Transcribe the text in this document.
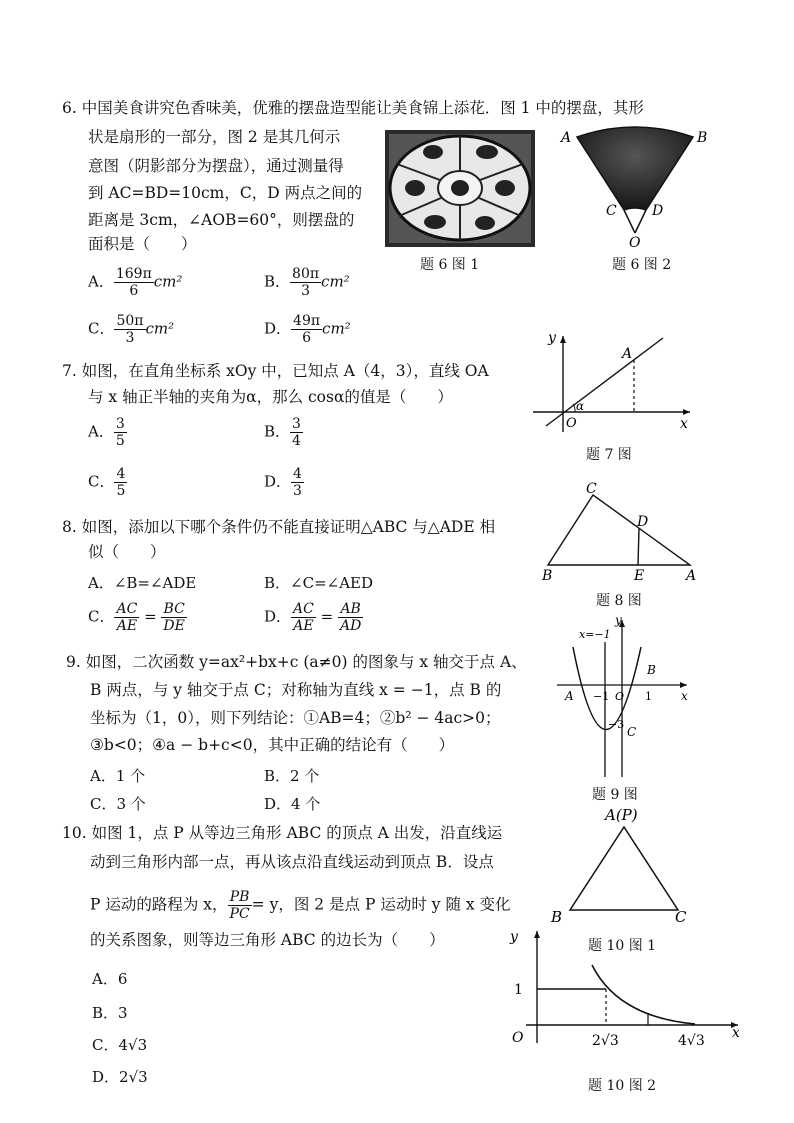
6. 中国美食讲究色香味美，优雅的摆盘造型能让美食锦上添花．图 1 中的摆盘，其形
状是扇形的一部分，图 2 是其几何示
意图（阴影部分为摆盘），通过测量得
到 AC=BD=10cm，C，D 两点之间的
距离是 3cm，∠AOB=60°，则摆盘的
面积是（　　）
题 6 图 1
A	B
C	D
O
题 6 图 2
A． $\frac{169\pi}{6} cm^2$	B． $\frac{80\pi}{3} cm^2$
C． $\frac{50\pi}{3} cm^2$	D． $\frac{49\pi}{6} cm^2$
7. 如图，在直角坐标系 xOy 中，已知点 A（4，3），直线 OA
与 x 轴正半轴的夹角为α，那么 cosα的值是（　　）
y
x
O
A
α
题 7 图
A． $\frac{3}{5}$	B． $\frac{3}{4}$
C． $\frac{4}{5}$	D． $\frac{4}{3}$
8. 如图，添加以下哪个条件仍不能直接证明△ABC 与△ADE 相
似（　　）
C
D
B	E	A
题 8 图
A．∠B=∠ADE	B．∠C=∠AED
C． $\frac{AC}{AE} = \frac{BC}{DE}$	D． $\frac{AC}{AE} = \frac{AB}{AD}$
9. 如图，二次函数 y=ax²+bx+c (a≠0) 的图象与 x 轴交于点 A、
B 两点，与 y 轴交于点 C；对称轴为直线 x = −1，点 B 的
坐标为（1，0），则下列结论：①AB=4；②b² − 4ac>0；
③b<0；④a − b+c<0，其中正确的结论有（　　）
x=−1
y
x
A −1 O
B
1
−3
C
题 9 图
A．1 个	B．2 个
C．3 个	D．4 个
10. 如图 1，点 P 从等边三角形 ABC 的顶点 A 出发，沿直线运
动到三角形内部一点，再从该点沿直线运动到顶点 B．设点
P 运动的路程为 x， $\frac{PB}{PC} = y$，图 2 是点 P 运动时 y 随 x 变化
的关系图象，则等边三角形 ABC 的边长为（　　）
A(P)
B	C
题 10 图 1
y
x
O
1
2√3	4√3
题 10 图 2
A．6
B．3
C．4√3
D．2√3
